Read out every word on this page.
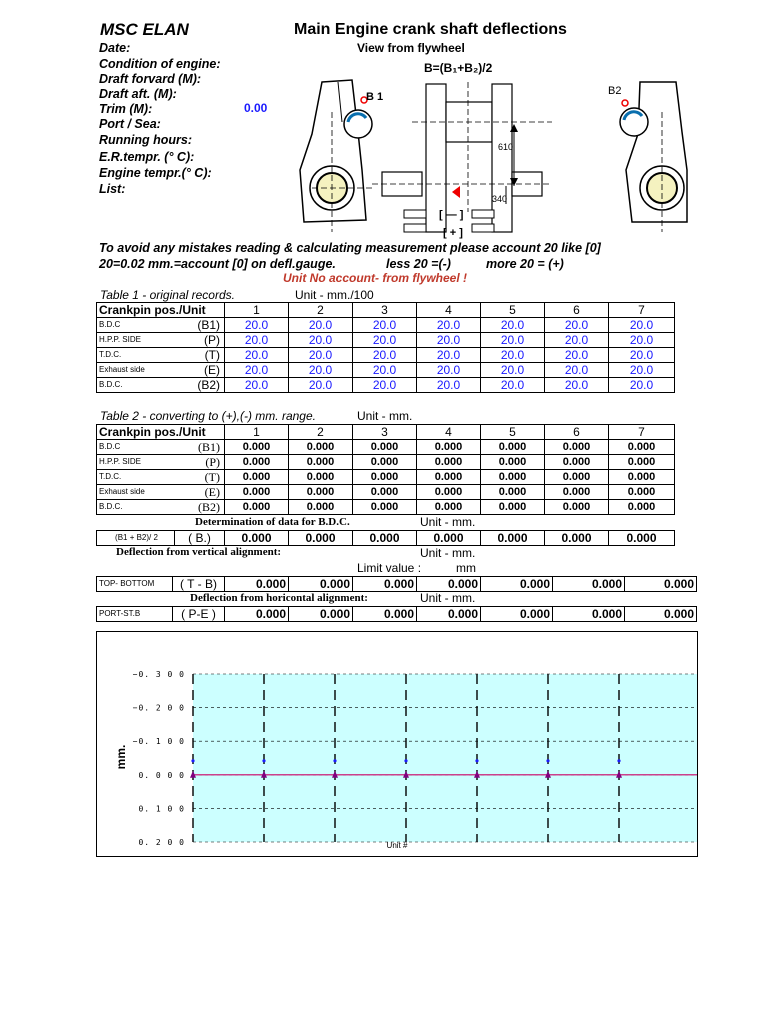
MSC ELAN	Main Engine crank shaft deflections
View from flywheel
B=(B₁+B₂)/2
Date:
Condition of engine:
Draft forvard (M):
Draft aft. (M):
Trim (M):	0.00
Port / Sea:
Running hours:
E.R.tempr. (° C):
Engine tempr.(° C):
List:
B 1
610
340
[ — ]
[ + ]
B2
To avoid any mistakes reading & calculating measurement please account 20 like [0]
20=0.02 mm.=account [0] on defl.gauge.	less 20 =(-)	more 20 = (+)
Unit No account- from flywheel !
Table 1 - original records.	Unit - mm./100
Crankpin pos./Unit	1	2	3	4	5	6	7
B.D.C (B1)	20.0	20.0	20.0	20.0	20.0	20.0	20.0
H.P.P. SIDE (P)	20.0	20.0	20.0	20.0	20.0	20.0	20.0
T.D.C. (T)	20.0	20.0	20.0	20.0	20.0	20.0	20.0
Exhaust side (E)	20.0	20.0	20.0	20.0	20.0	20.0	20.0
B.D.C. (B2)	20.0	20.0	20.0	20.0	20.0	20.0	20.0
Table 2 - converting to (+),(-) mm. range.	Unit - mm.
Crankpin pos./Unit	1	2	3	4	5	6	7
B.D.C (B1)	0.000	0.000	0.000	0.000	0.000	0.000	0.000
H.P.P. SIDE (P)	0.000	0.000	0.000	0.000	0.000	0.000	0.000
T.D.C. (T)	0.000	0.000	0.000	0.000	0.000	0.000	0.000
Exhaust side (E)	0.000	0.000	0.000	0.000	0.000	0.000	0.000
B.D.C. (B2)	0.000	0.000	0.000	0.000	0.000	0.000	0.000
Determination of data for B.D.C.	Unit - mm.
(B1 + B2)/ 2	( B.)	0.000	0.000	0.000	0.000	0.000	0.000	0.000
Deflection from vertical alignment:	Unit - mm.
Limit value :	mm
TOP- BOTTOM	( T - B)	0.000	0.000	0.000	0.000	0.000	0.000	0.000
Deflection from horicontal alignment:	Unit - mm.
PORT-ST.B	( P-E )	0.000	0.000	0.000	0.000	0.000	0.000	0.000
−0. 3 0 0
−0. 2 0 0
−0. 1 0 0
0. 0 0 0
0. 1 0 0
0. 2 0 0
mm.
Unit #
